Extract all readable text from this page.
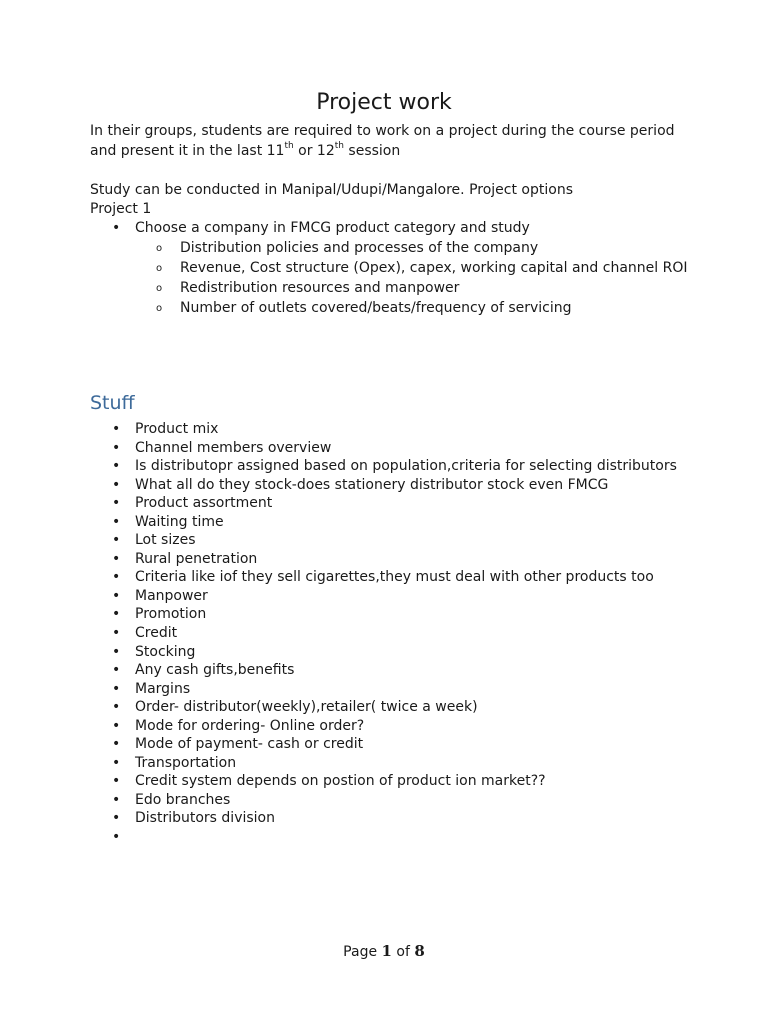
Project work
In their groups, students are required to work on a project during the course period
and present it in the last 11th or 12th session
Study can be conducted in Manipal/Udupi/Mangalore. Project options
Project 1
• Choose a company in FMCG product category and study
o Distribution policies and processes of the company
o Revenue, Cost structure (Opex), capex, working capital and channel ROI
o Redistribution resources and manpower
o Number of outlets covered/beats/frequency of servicing
Stuff
• Product mix
• Channel members overview
• Is distributopr assigned based on population,criteria for selecting distributors
• What all do they stock-does stationery distributor stock even FMCG
• Product assortment
• Waiting time
• Lot sizes
• Rural penetration
• Criteria like iof they sell cigarettes,they must deal with other products too
• Manpower
• Promotion
• Credit
• Stocking
• Any cash gifts,benefits
• Margins
• Order- distributor(weekly),retailer( twice a week)
• Mode for ordering- Online order?
• Mode of payment- cash or credit
• Transportation
• Credit system depends on postion of product ion market??
• Edo branches
• Distributors division
•
Page 1 of 8
